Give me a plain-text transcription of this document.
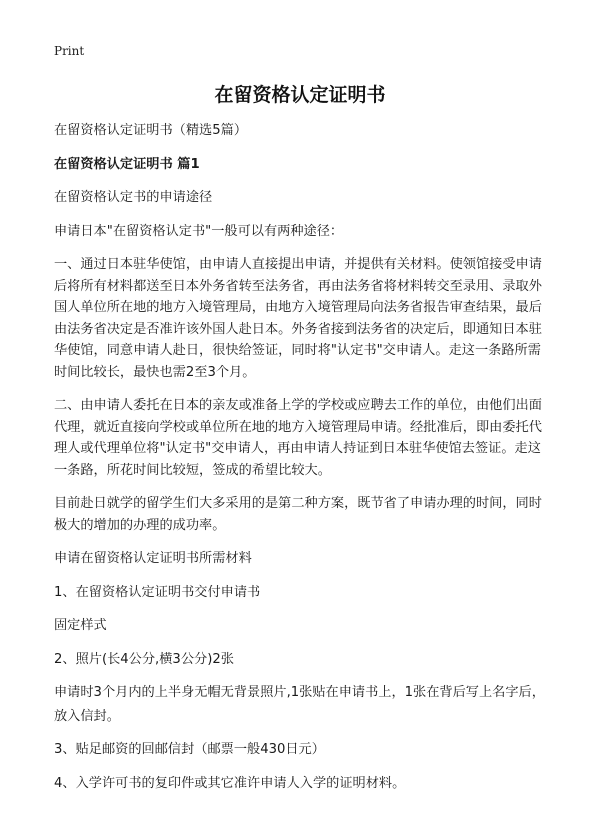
Print
在留资格认定证明书

在留资格认定证明书（精选5篇）

在留资格认定证明书 篇1

在留资格认定书的申请途径

申请日本"在留资格认定书"一般可以有两种途径：

一、通过日本驻华使馆，由申请人直接提出申请，并提供有关材料。使领馆接受申请后将所有材料都送至日本外务省转至法务省，再由法务省将材料转交至录用、录取外国人单位所在地的地方入境管理局，由地方入境管理局向法务省报告审查结果，最后由法务省决定是否准许该外国人赴日本。外务省接到法务省的决定后，即通知日本驻华使馆，同意申请人赴日，很快给签证，同时将"认定书"交申请人。走这一条路所需时间比较长，最快也需2至3个月。

二、由申请人委托在日本的亲友或准备上学的学校或应聘去工作的单位，由他们出面代理，就近直接向学校或单位所在地的地方入境管理局申请。经批准后，即由委托代理人或代理单位将"认定书"交申请人，再由申请人持证到日本驻华使馆去签证。走这一条路，所花时间比较短，签成的希望比较大。

目前赴日就学的留学生们大多采用的是第二种方案，既节省了申请办理的时间，同时极大的增加的办理的成功率。

申请在留资格认定证明书所需材料

1、在留资格认定证明书交付申请书

固定样式

2、照片(长4公分,横3公分)2张

申请时3个月内的上半身无帽无背景照片,1张贴在申请书上，1张在背后写上名字后，

放入信封。

3、贴足邮资的回邮信封（邮票一般430日元）

4、入学许可书的复印件或其它准许申请人入学的证明材料。
